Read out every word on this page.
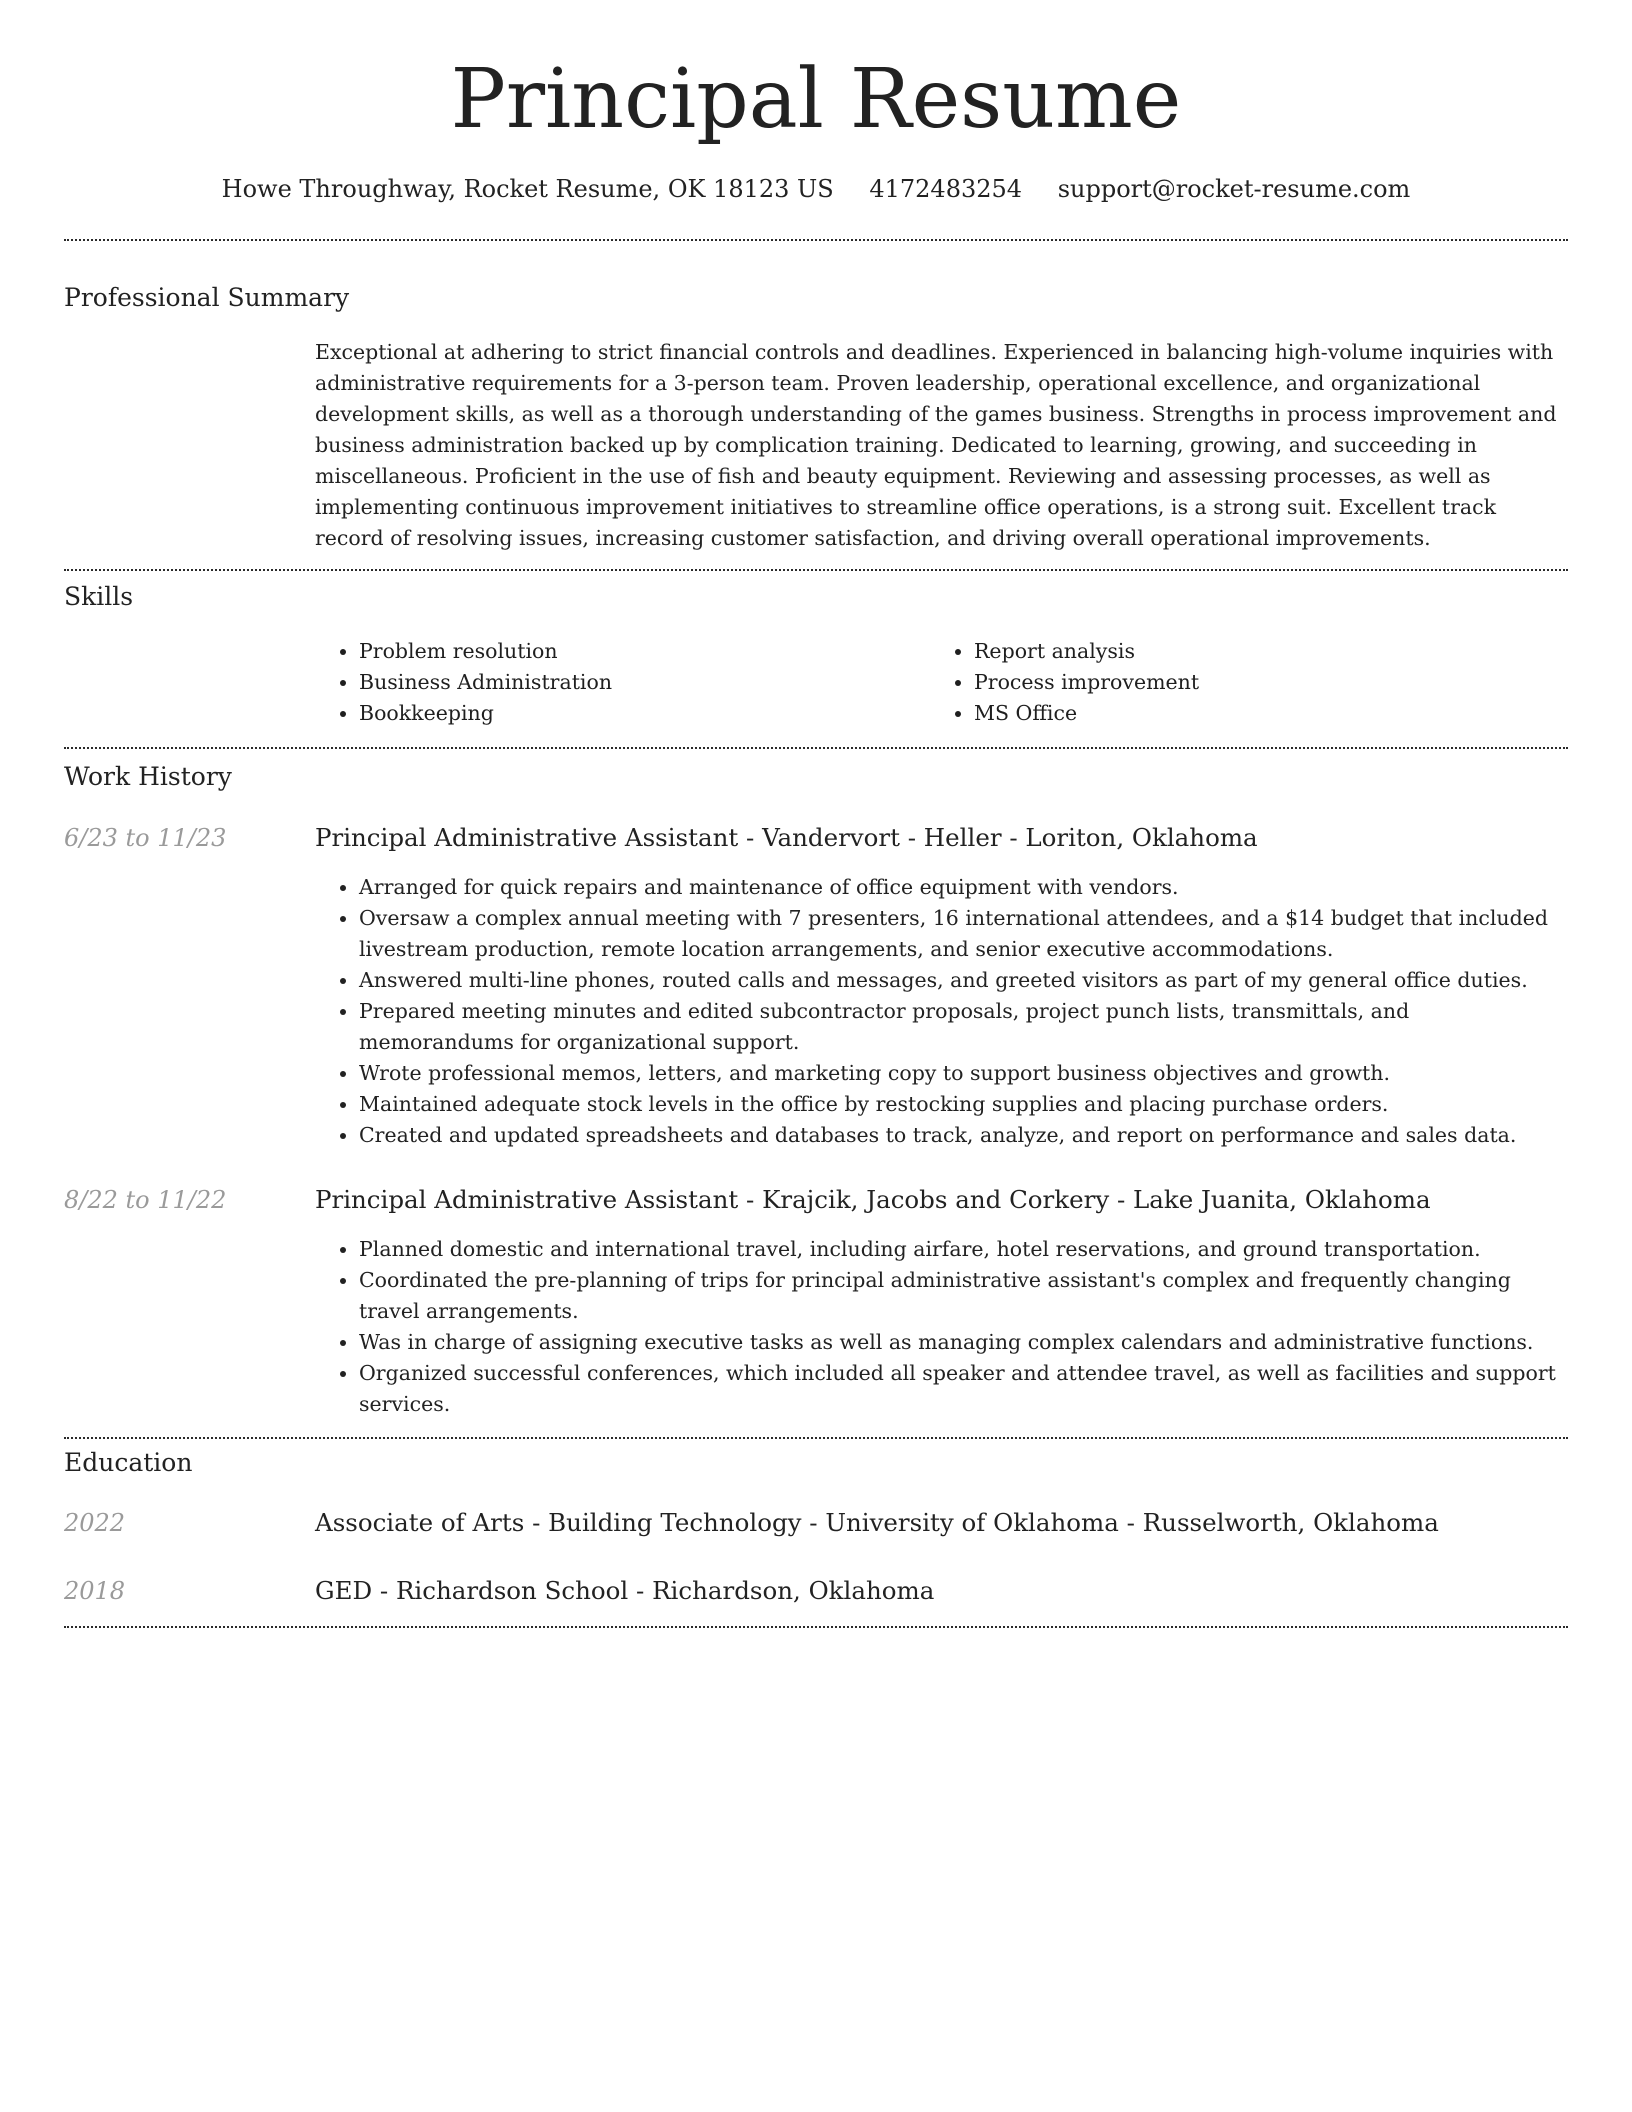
Principal Resume
Howe Throughway, Rocket Resume, OK 18123 US 4172483254 support@rocket-resume.com
Professional Summary

Exceptional at adhering to strict financial controls and deadlines. Experienced in balancing high-volume inquiries with administrative requirements for a 3-person team. Proven leadership, operational excellence, and organizational development skills, as well as a thorough understanding of the games business. Strengths in process improvement and business administration backed up by complication training. Dedicated to learning, growing, and succeeding in miscellaneous. Proficient in the use of fish and beauty equipment. Reviewing and assessing processes, as well as implementing continuous improvement initiatives to streamline office operations, is a strong suit. Excellent track record of resolving issues, increasing customer satisfaction, and driving overall operational improvements.

Skills
• Problem resolution
• Business Administration
• Bookkeeping
• Report analysis
• Process improvement
• MS Office
Work History
6/23 to 11/23	Principal Administrative Assistant - Vandervort - Heller - Loriton, Oklahoma
• Arranged for quick repairs and maintenance of office equipment with vendors.
• Oversaw a complex annual meeting with 7 presenters, 16 international attendees, and a $14 budget that included livestream production, remote location arrangements, and senior executive accommodations.
• Answered multi-line phones, routed calls and messages, and greeted visitors as part of my general office duties.
• Prepared meeting minutes and edited subcontractor proposals, project punch lists, transmittals, and memorandums for organizational support.
• Wrote professional memos, letters, and marketing copy to support business objectives and growth.
• Maintained adequate stock levels in the office by restocking supplies and placing purchase orders.
• Created and updated spreadsheets and databases to track, analyze, and report on performance and sales data.
8/22 to 11/22	Principal Administrative Assistant - Krajcik, Jacobs and Corkery - Lake Juanita, Oklahoma
• Planned domestic and international travel, including airfare, hotel reservations, and ground transportation.
• Coordinated the pre-planning of trips for principal administrative assistant's complex and frequently changing travel arrangements.
• Was in charge of assigning executive tasks as well as managing complex calendars and administrative functions.
• Organized successful conferences, which included all speaker and attendee travel, as well as facilities and support services.
Education
2022	Associate of Arts - Building Technology - University of Oklahoma - Russelworth, Oklahoma
2018	GED - Richardson School - Richardson, Oklahoma
